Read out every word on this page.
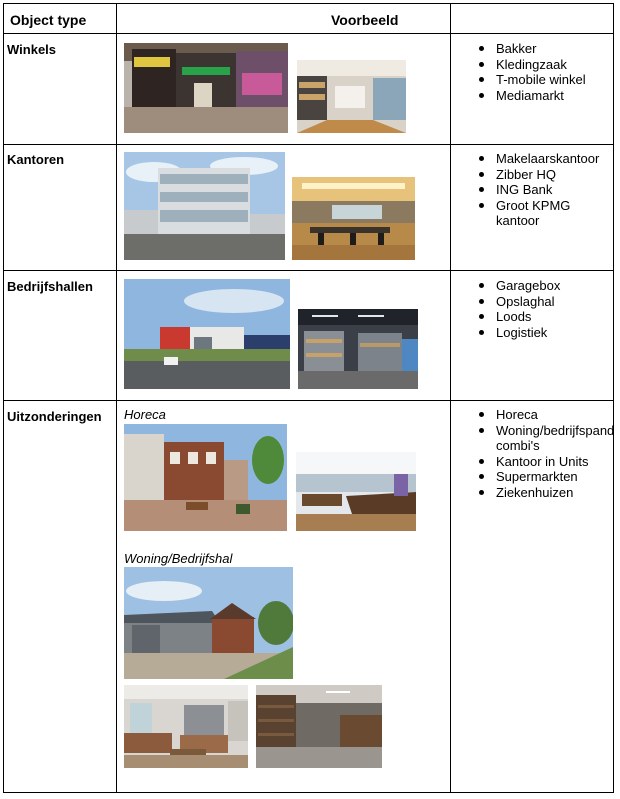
Object type	Voorbeeld
Winkels
Kantoren
Bedrijfshallen
Uitzonderingen Horeca
Woning/Bedrijfshal
Bakker
Kledingzaak
T-mobile winkel
Mediamarkt
Makelaarskantoor
Zibber HQ
ING Bank
Groot KPMG kantoor
Garagebox
Opslaghal
Loods
Logistiek
Horeca
Woning/bedrijfspand combi's
Kantoor in Units
Supermarkten
Ziekenhuizen
